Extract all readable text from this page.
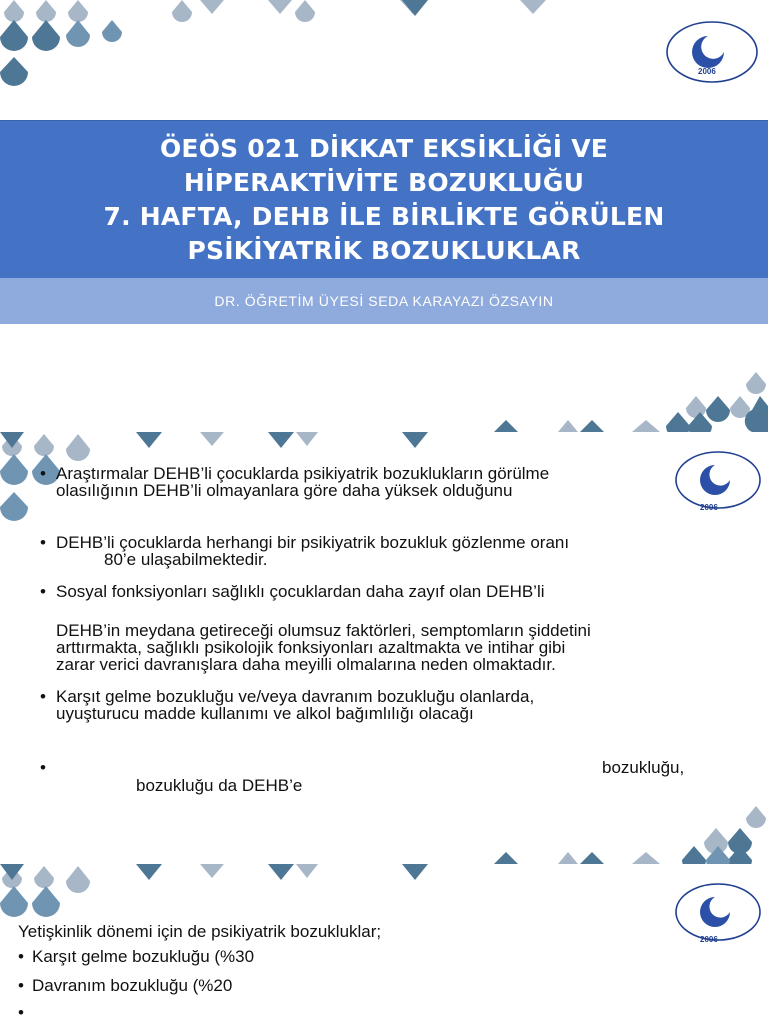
2006
ÖEÖS 021 DİKKAT EKSİKLİĞİ VE
HİPERAKTİVİTE BOZUKLUĞU
7. HAFTA, DEHB İLE BİRLİKTE GÖRÜLEN
PSİKİYATRİK BOZUKLUKLAR
DR. ÖĞRETİM ÜYESİ SEDA KARAYAZI ÖZSAYIN
2006
• Araştırmalar DEHB’li çocuklarda psikiyatrik bozuklukların görülme
olasılığının DEHB’li olmayanlara göre daha yüksek olduğunu
• DEHB’li çocuklarda herhangi bir psikiyatrik bozukluk gözlenme oranı
80’e ulaşabilmektedir.
• Sosyal fonksiyonları sağlıklı çocuklardan daha zayıf olan DEHB’li
DEHB’in meydana getireceği olumsuz faktörleri, semptomların şiddetini
arttırmakta, sağlıklı psikolojik fonksiyonları azaltmakta ve intihar gibi
zarar verici davranışlara daha meyilli olmalarına neden olmaktadır.
• Karşıt gelme bozukluğu ve/veya davranım bozukluğu olanlarda,
uyuşturucu madde kullanımı ve alkol bağımlılığı olacağı
•	bozukluğu,
bozukluğu da DEHB’e
2006
Yetişkinlik dönemi için de psikiyatrik bozukluklar;
• Karşıt gelme bozukluğu (%30
• Davranım bozukluğu (%20
•
